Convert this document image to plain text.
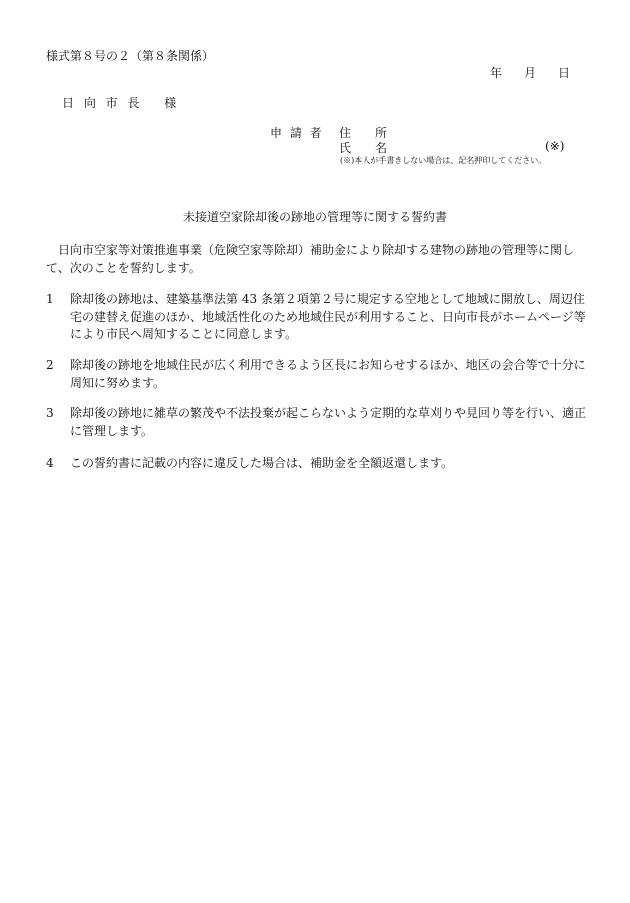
様式第８号の２（第８条関係）
年 月 日
日 向 市 長　 様
申 請 者 住　　所
氏　　名	(※)
(※)本人が手書きしない場合は、記名押印してください。
未接道空家除却後の跡地の管理等に関する誓約書
日向市空家等対策推進事業（危険空家等除却）補助金により除却する建物の跡地の管理等に関して、次のことを誓約します。
1	除却後の跡地は、建築基準法第 43 条第２項第２号に規定する空地として地域に開放し、周辺住宅の建替え促進のほか、地域活性化のため地域住民が利用すること、日向市長がホームページ等により市民へ周知することに同意します。
2	除却後の跡地を地域住民が広く利用できるよう区長にお知らせするほか、地区の会合等で十分に周知に努めます。
3	除却後の跡地に雑草の繁茂や不法投棄が起こらないよう定期的な草刈りや見回り等を行い、適正に管理します。
4	この誓約書に記載の内容に違反した場合は、補助金を全額返還します。
